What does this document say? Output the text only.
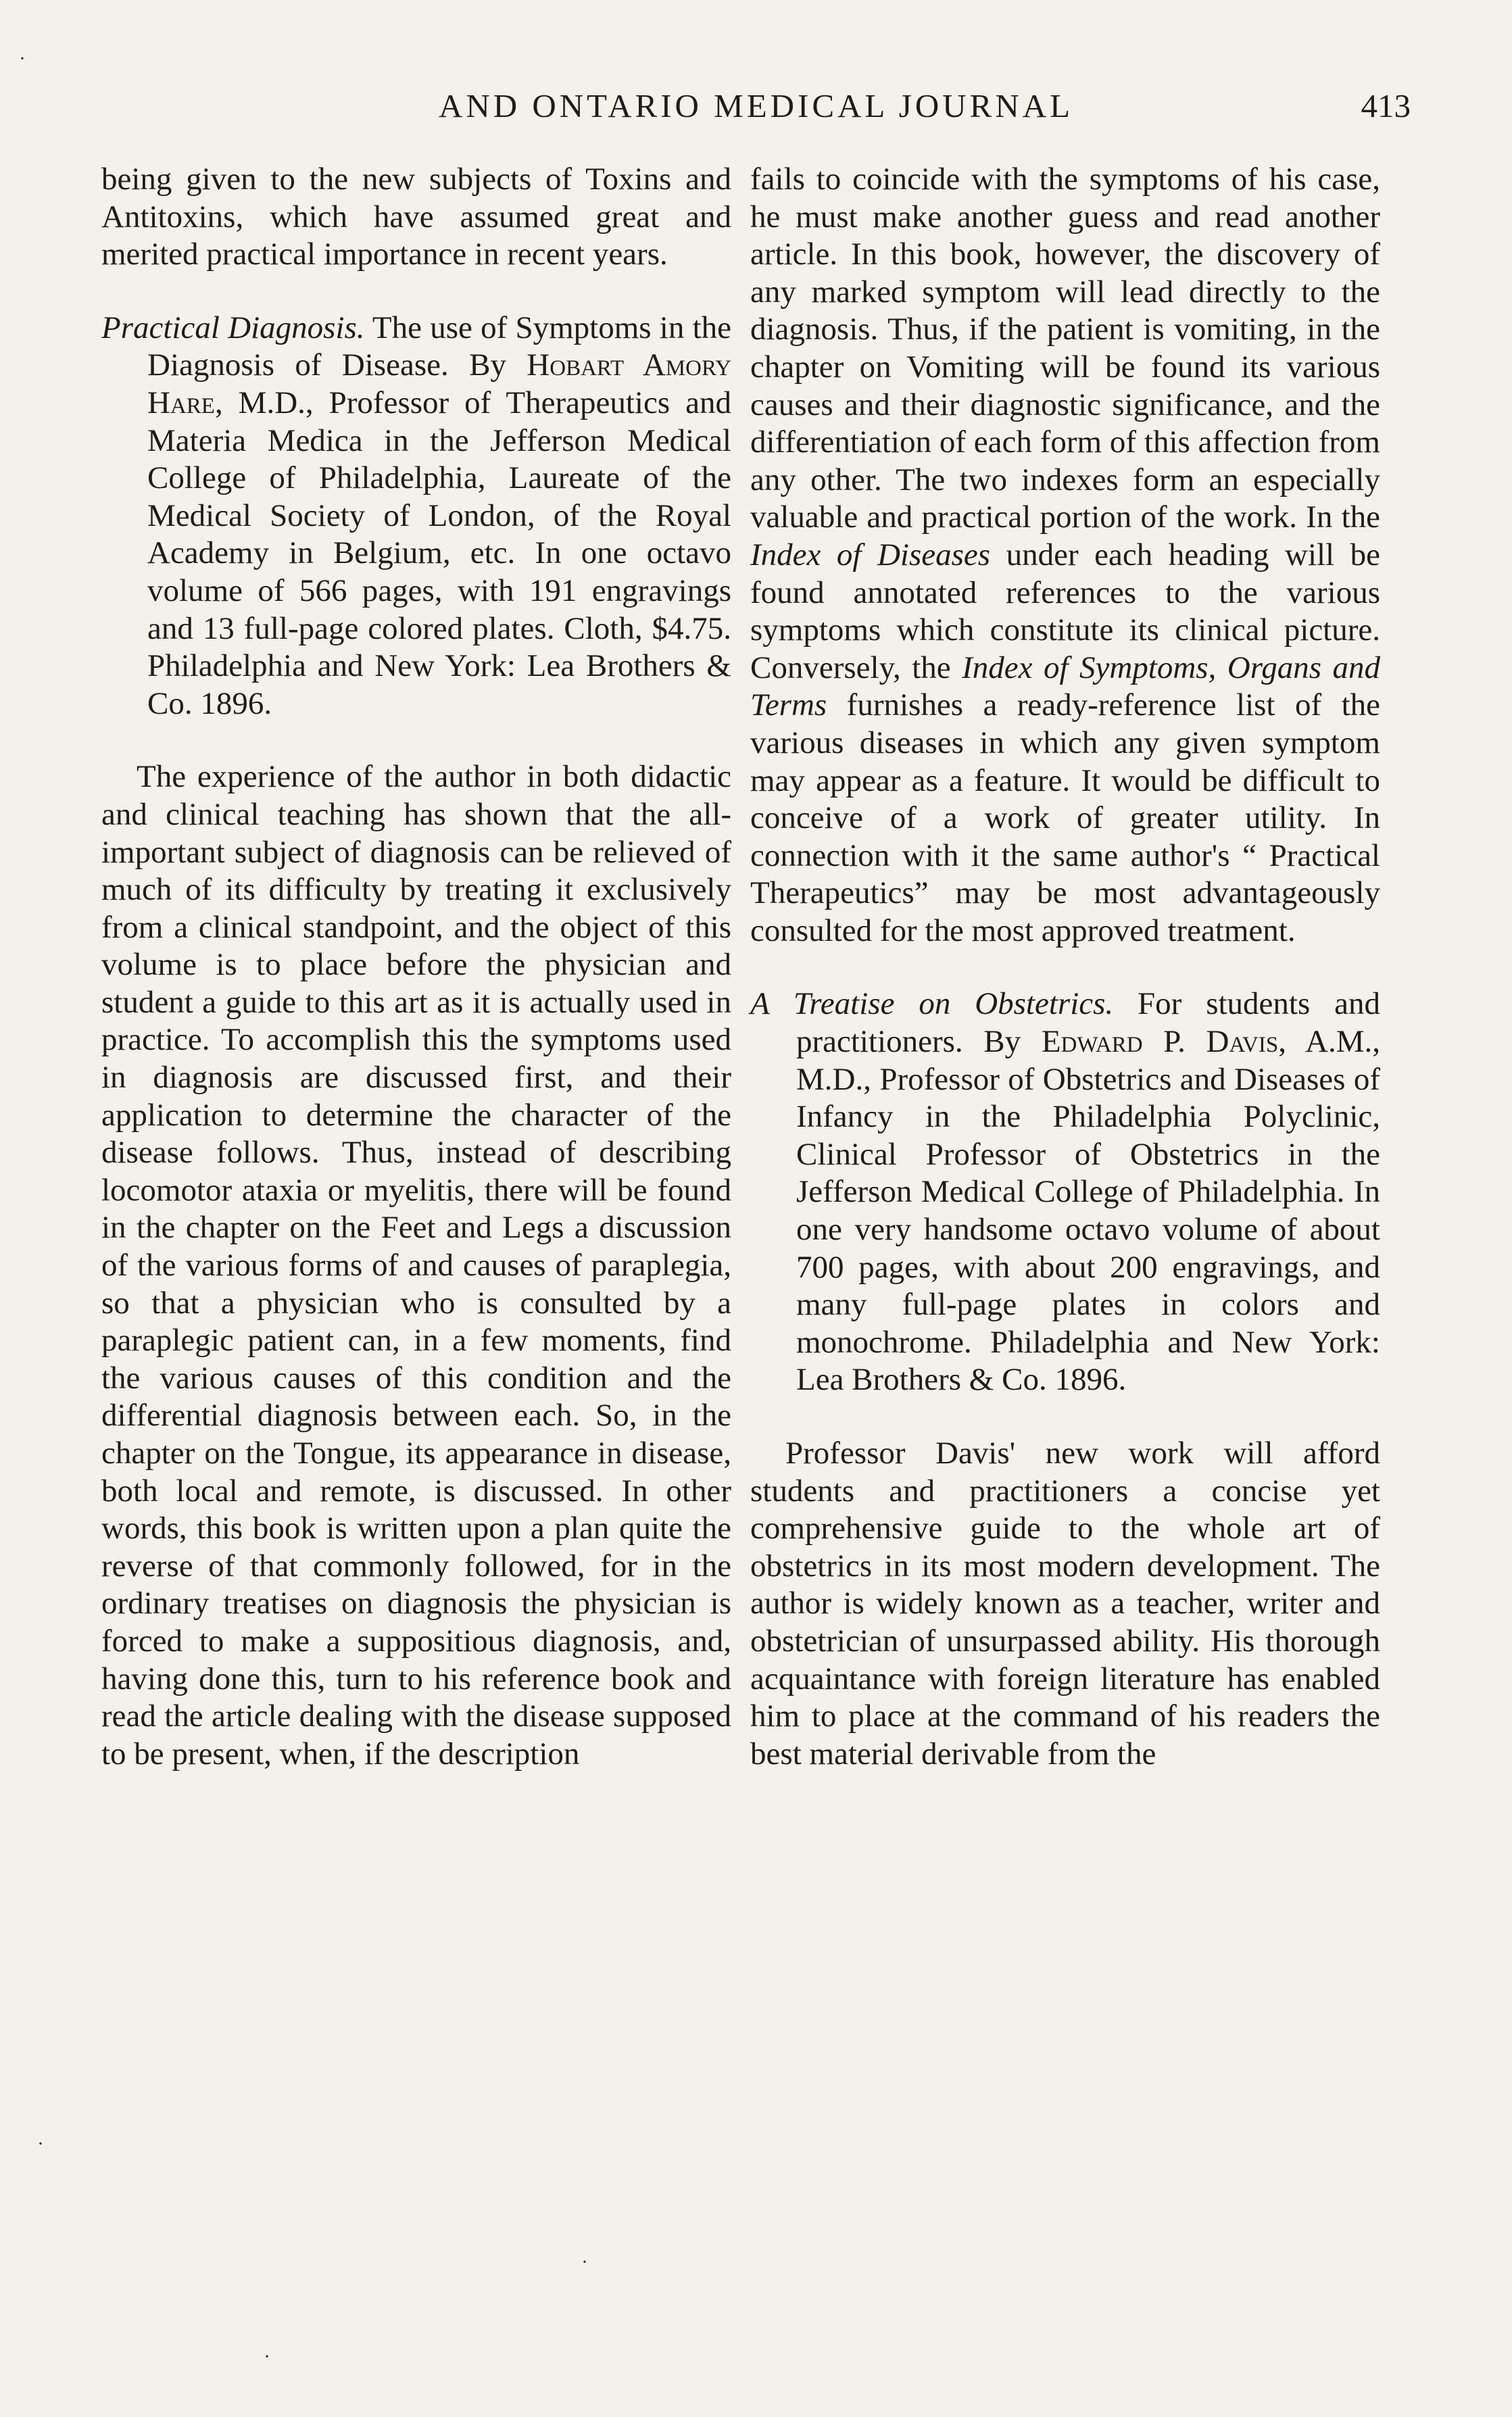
AND ONTARIO MEDICAL JOURNAL	413

being given to the new subjects of Toxins and Antitoxins, which have assumed great and merited practical importance in recent years.

Practical Diagnosis. The use of Symptoms in the Diagnosis of Disease. By Hobart Amory Hare, M.D., Professor of Therapeutics and Materia Medica in the Jefferson Medical College of Philadelphia, Laureate of the Medical Society of London, of the Royal Academy in Belgium, etc. In one octavo volume of 566 pages, with 191 engravings and 13 full-page colored plates. Cloth, $4.75. Philadelphia and New York: Lea Brothers & Co. 1896.

The experience of the author in both didactic and clinical teaching has shown that the all-important subject of diagnosis can be relieved of much of its difficulty by treating it exclusively from a clinical standpoint, and the object of this volume is to place before the physician and student a guide to this art as it is actually used in practice. To accomplish this the symptoms used in diagnosis are discussed first, and their application to determine the character of the disease follows. Thus, instead of describing locomotor ataxia or myelitis, there will be found in the chapter on the Feet and Legs a discussion of the various forms of and causes of paraplegia, so that a physician who is consulted by a paraplegic patient can, in a few moments, find the various causes of this condition and the differential diagnosis between each. So, in the chapter on the Tongue, its appearance in disease, both local and remote, is discussed. In other words, this book is written upon a plan quite the reverse of that commonly followed, for in the ordinary treatises on diagnosis the physician is forced to make a suppositious diagnosis, and, having done this, turn to his reference book and read the article dealing with the disease supposed to be present, when, if the description

fails to coincide with the symptoms of his case, he must make another guess and read another article. In this book, however, the discovery of any marked symptom will lead directly to the diagnosis. Thus, if the patient is vomiting, in the chapter on Vomiting will be found its various causes and their diagnostic significance, and the differentiation of each form of this affection from any other. The two indexes form an especially valuable and practical portion of the work. In the Index of Diseases under each heading will be found annotated references to the various symptoms which constitute its clinical picture. Conversely, the Index of Symptoms, Organs and Terms furnishes a ready-reference list of the various diseases in which any given symptom may appear as a feature. It would be difficult to conceive of a work of greater utility. In connection with it the same author's “ Practical Therapeutics” may be most advantageously consulted for the most approved treatment.

A Treatise on Obstetrics. For students and practitioners. By Edward P. Davis, A.M., M.D., Professor of Obstetrics and Diseases of Infancy in the Philadelphia Polyclinic, Clinical Professor of Obstetrics in the Jefferson Medical College of Philadelphia. In one very handsome octavo volume of about 700 pages, with about 200 engravings, and many full-page plates in colors and monochrome. Philadelphia and New York: Lea Brothers & Co. 1896.

Professor Davis' new work will afford students and practitioners a concise yet comprehensive guide to the whole art of obstetrics in its most modern development. The author is widely known as a teacher, writer and obstetrician of unsurpassed ability. His thorough acquaintance with foreign literature has enabled him to place at the command of his readers the best material derivable from the

·
·
·
·
